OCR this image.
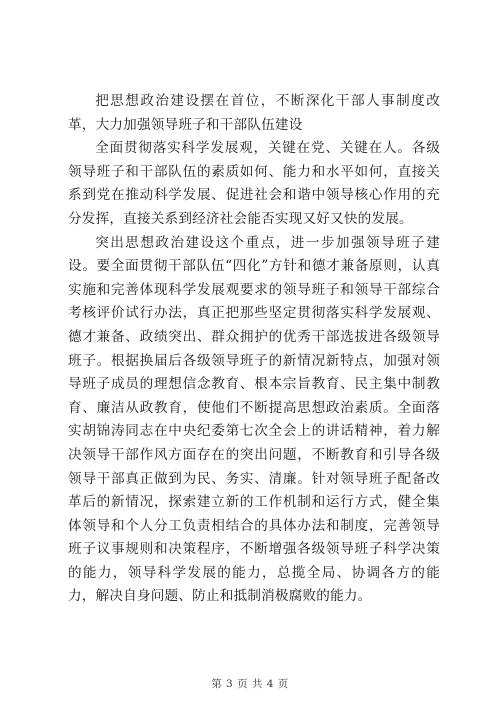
把思想政治建设摆在首位，不断深化干部人事制度改革，大力加强领导班子和干部队伍建设

全面贯彻落实科学发展观，关键在党、关键在人。各级领导班子和干部队伍的素质如何、能力和水平如何，直接关系到党在推动科学发展、促进社会和谐中领导核心作用的充分发挥，直接关系到经济社会能否实现又好又快的发展。

突出思想政治建设这个重点，进一步加强领导班子建设。要全面贯彻干部队伍“四化”方针和德才兼备原则，认真实施和完善体现科学发展观要求的领导班子和领导干部综合考核评价试行办法，真正把那些坚定贯彻落实科学发展观、德才兼备、政绩突出、群众拥护的优秀干部选拔进各级领导班子。根据换届后各级领导班子的新情况新特点，加强对领导班子成员的理想信念教育、根本宗旨教育、民主集中制教育、廉洁从政教育，使他们不断提高思想政治素质。全面落实胡锦涛同志在中央纪委第七次全会上的讲话精神，着力解决领导干部作风方面存在的突出问题，不断教育和引导各级领导干部真正做到为民、务实、清廉。针对领导班子配备改革后的新情况，探索建立新的工作机制和运行方式，健全集体领导和个人分工负责相结合的具体办法和制度，完善领导班子议事规则和决策程序，不断增强各级领导班子科学决策的能力，领导科学发展的能力，总揽全局、协调各方的能力，解决自身问题、防止和抵制消极腐败的能力。

第 3 页 共 4 页
